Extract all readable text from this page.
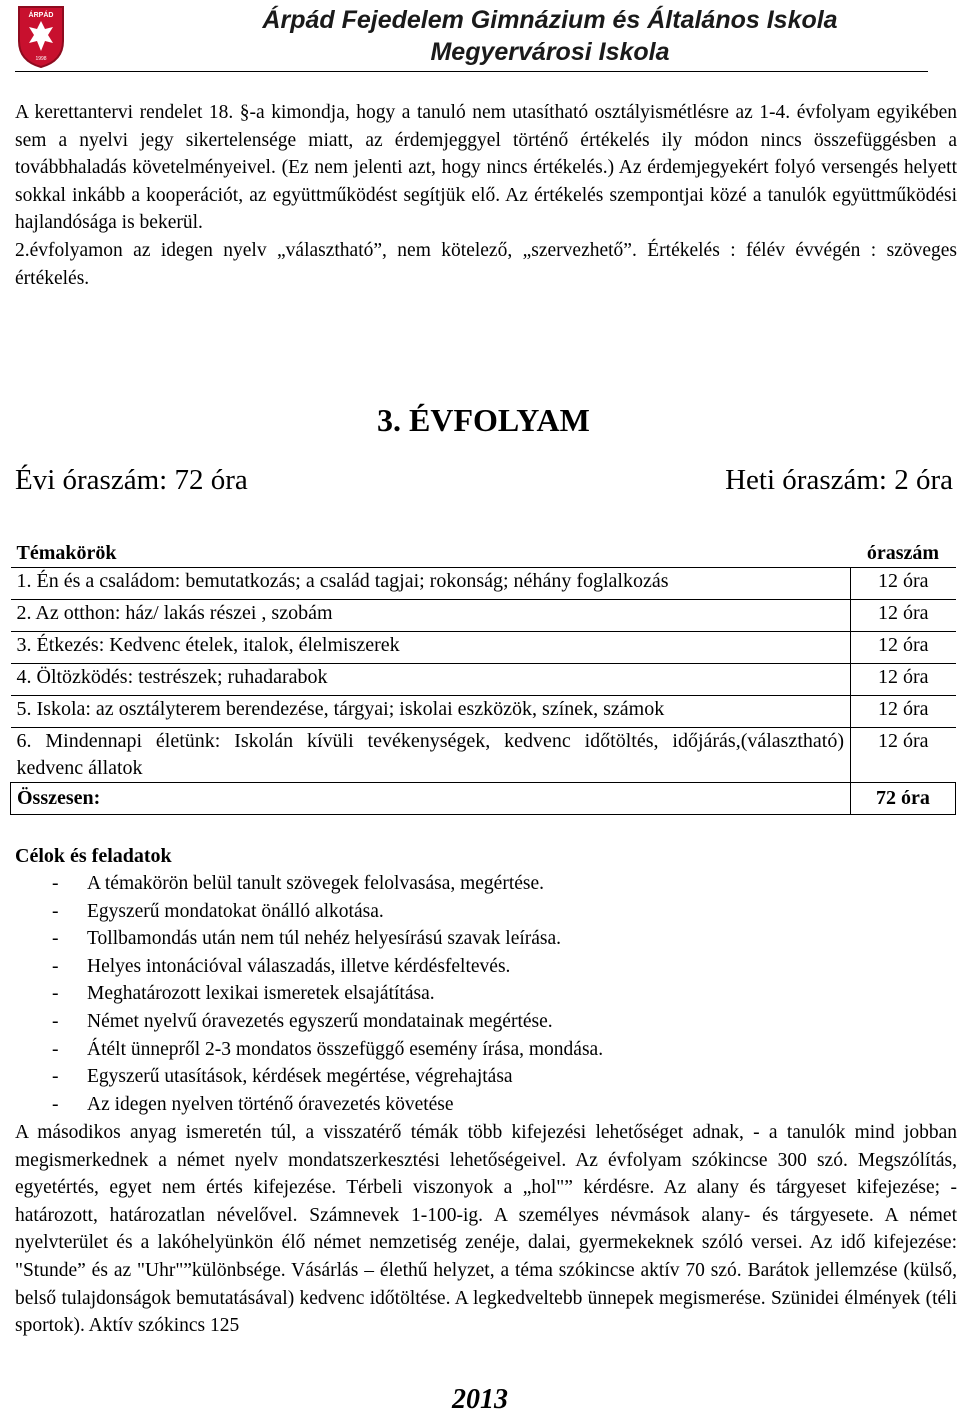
ÁRPÁD
1998
Árpád Fejedelem Gimnázium és Általános Iskola
Megyervárosi Iskola

A kerettantervi rendelet 18. §-a kimondja, hogy a tanuló nem utasítható osztályismétlésre az 1-4. évfolyam egyikében sem a nyelvi jegy sikertelensége miatt, az érdemjeggyel történő értékelés ily módon nincs összefüggésben a továbbhaladás követelményeivel. (Ez nem jelenti azt, hogy nincs értékelés.) Az érdemjegyekért folyó versengés helyett sokkal inkább a kooperációt, az együttműködést segítjük elő. Az értékelés szempontjai közé a tanulók együttműködési hajlandósága is bekerül.

2.évfolyamon az idegen nyelv „választható”, nem kötelező, „szervezhető”. Értékelés : félév évvégén : szöveges értékelés.

3. ÉVFOLYAM

Évi óraszám: 72 óra	Heti óraszám: 2 óra

Témakörök	óraszám
1. Én és a családom: bemutatkozás; a család tagjai; rokonság; néhány foglalkozás	12 óra
2. Az otthon: ház/ lakás részei , szobám	12 óra
3. Étkezés: Kedvenc ételek, italok, élelmiszerek	12 óra
4. Öltözködés: testrészek; ruhadarabok	12 óra
5. Iskola: az osztályterem berendezése, tárgyai; iskolai eszközök, színek, számok	12 óra
6. Mindennapi életünk: Iskolán kívüli tevékenységek, kedvenc időtöltés, időjárás,(választható) kedvenc állatok	12 óra
Összesen:	72 óra

Célok és feladatok

-	A témakörön belül tanult szövegek felolvasása, megértése.
-	Egyszerű mondatokat önálló alkotása.
-	Tollbamondás után nem túl nehéz helyesírású szavak leírása.
-	Helyes intonációval válaszadás, illetve kérdésfeltevés.
-	Meghatározott lexikai ismeretek elsajátítása.
-	Német nyelvű óravezetés egyszerű mondatainak megértése.
-	Átélt ünnepről 2-3 mondatos összefüggő esemény írása, mondása.
-	Egyszerű utasítások, kérdések megértése, végrehajtása
-	Az idegen nyelven történő óravezetés követése

A másodikos anyag ismeretén túl, a visszatérő témák több kifejezési lehetőséget adnak, - a tanulók mind jobban megismerkednek a német nyelv mondatszerkesztési lehetőségeivel. Az évfolyam szókincse 300 szó. Megszólítás, egyetértés, egyet nem értés kifejezése. Térbeli viszonyok a „hol"” kérdésre. Az alany és tárgyeset kifejezése; - határozott, határozatlan névelővel. Számnevek 1-100-ig. A személyes névmások alany- és tárgyesete. A német nyelvterület és a lakóhelyünkön élő német nemzetiség zenéje, dalai, gyermekeknek szóló versei. Az idő kifejezése: "Stunde” és az "Uhr"”különbsége. Vásárlás – élethű helyzet, a téma szókincse aktív 70 szó. Barátok jellemzése (külső, belső tulajdonságok bemutatásával) kedvenc időtöltése. A legkedveltebb ünnepek megismerése. Szünidei élmények (téli sportok). Aktív szókincs 125

2013
